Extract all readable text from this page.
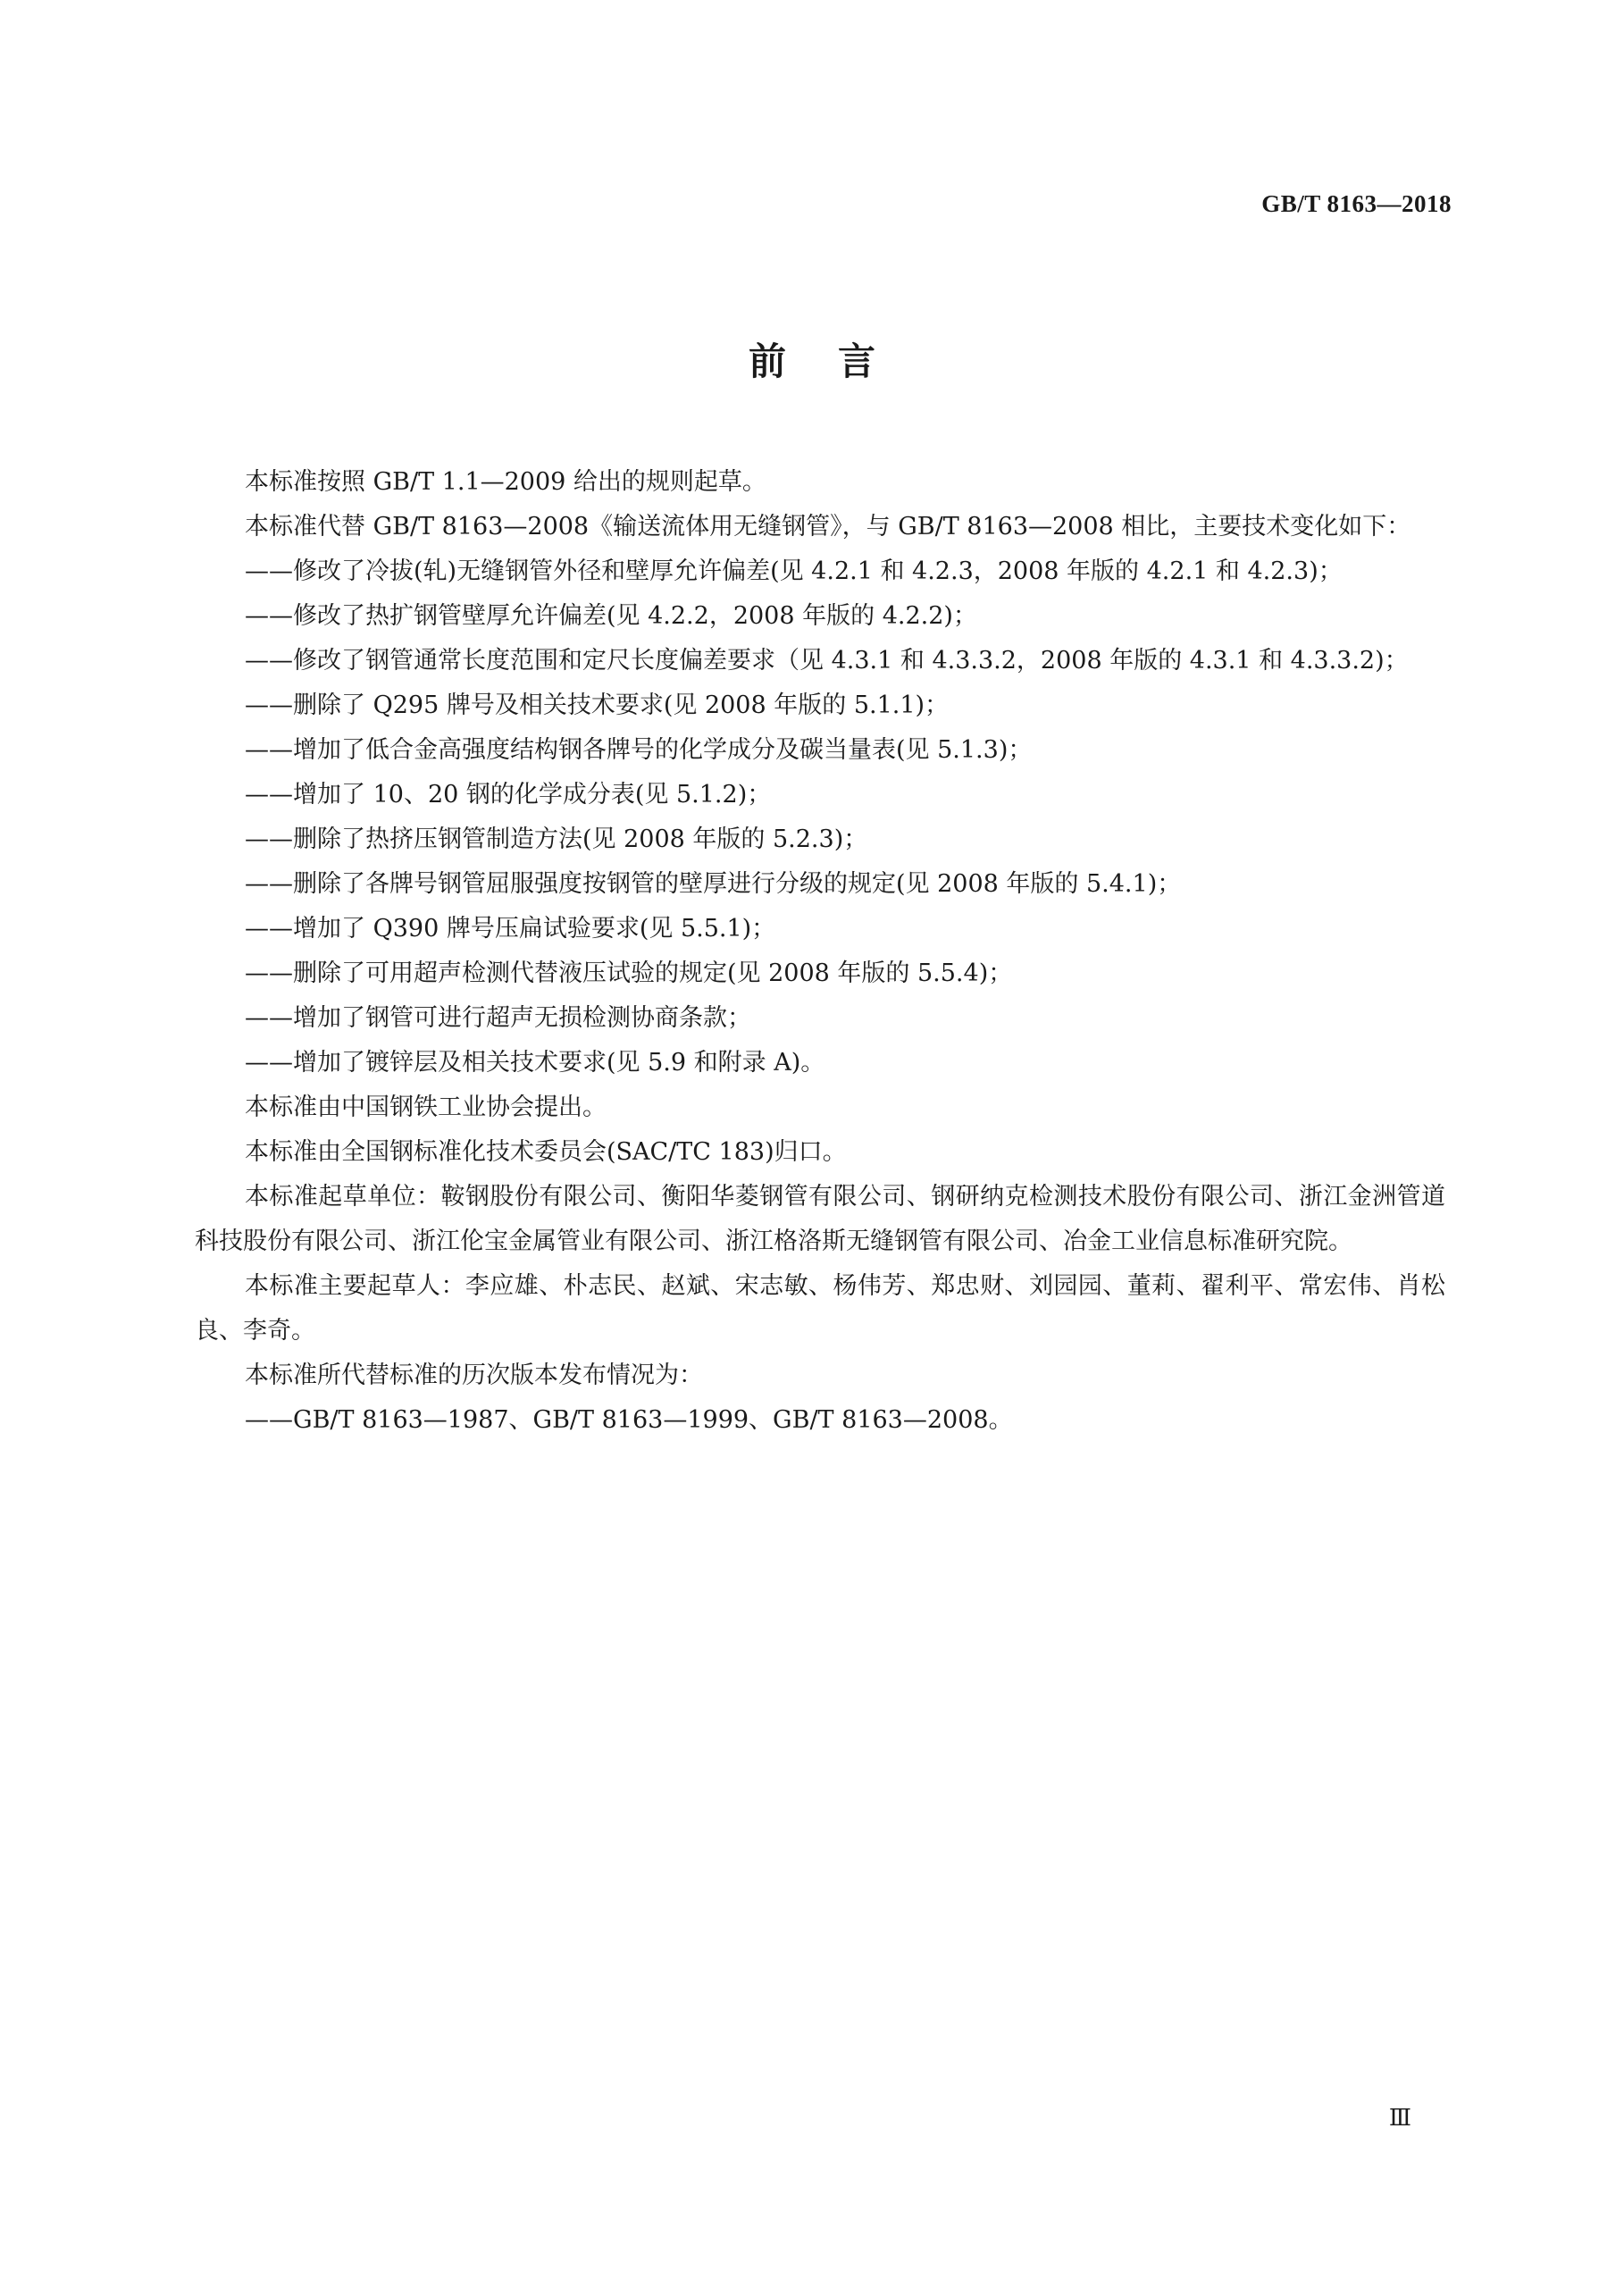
GB/T 8163—2018
前言

本标准按照 GB/T 1.1—2009 给出的规则起草。

本标准代替 GB/T 8163—2008《输送流体用无缝钢管》，与 GB/T 8163—2008 相比，主要技术变化如下：

——修改了冷拔(轧)无缝钢管外径和壁厚允许偏差(见 4.2.1 和 4.2.3，2008 年版的 4.2.1 和 4.2.3)；

——修改了热扩钢管壁厚允许偏差(见 4.2.2，2008 年版的 4.2.2)；

——修改了钢管通常长度范围和定尺长度偏差要求（见 4.3.1 和 4.3.3.2，2008 年版的 4.3.1 和 4.3.3.2)；

——删除了 Q295 牌号及相关技术要求(见 2008 年版的 5.1.1)；

——增加了低合金高强度结构钢各牌号的化学成分及碳当量表(见 5.1.3)；

——增加了 10、20 钢的化学成分表(见 5.1.2)；

——删除了热挤压钢管制造方法(见 2008 年版的 5.2.3)；

——删除了各牌号钢管屈服强度按钢管的壁厚进行分级的规定(见 2008 年版的 5.4.1)；

——增加了 Q390 牌号压扁试验要求(见 5.5.1)；

——删除了可用超声检测代替液压试验的规定(见 2008 年版的 5.5.4)；

——增加了钢管可进行超声无损检测协商条款；

——增加了镀锌层及相关技术要求(见 5.9 和附录 A)。

本标准由中国钢铁工业协会提出。

本标准由全国钢标准化技术委员会(SAC/TC 183)归口。

本标准起草单位：鞍钢股份有限公司、衡阳华菱钢管有限公司、钢研纳克检测技术股份有限公司、浙江金洲管道科技股份有限公司、浙江伦宝金属管业有限公司、浙江格洛斯无缝钢管有限公司、冶金工业信息标准研究院。

本标准主要起草人：李应雄、朴志民、赵斌、宋志敏、杨伟芳、郑忠财、刘园园、董莉、翟利平、常宏伟、肖松良、李奇。

本标准所代替标准的历次版本发布情况为：

——GB/T 8163—1987、GB/T 8163—1999、GB/T 8163—2008。

Ⅲ
